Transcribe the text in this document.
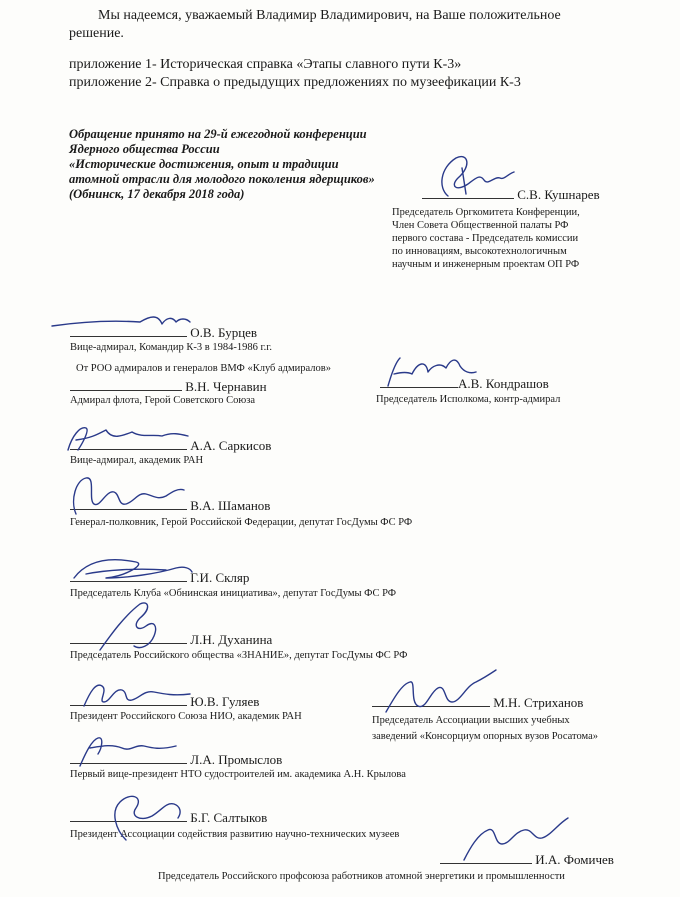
Мы надеемся, уважаемый Владимир Владимирович, на Ваше положительное
решение.
приложение 1- Историческая справка «Этапы славного пути К-3»
приложение 2- Справка о предыдущих предложениях по музеефикации К-3
Обращение принято на 29-й ежегодной конференции
Ядерного общества России
«Исторические достижения, опыт и традиции
атомной отрасли для молодого поколения ядерщиков»
(Обнинск, 17 декабря 2018 года)	С.В. Кушнарев
Председатель Оргкомитета Конференции,
Член Совета Общественной палаты РФ
первого состава - Председатель комиссии
по инновациям, высокотехнологичным
научным и инженерным проектам ОП РФ
О.В. Бурцев
Вице-адмирал, Командир К-3 в 1984-1986 г.г.
От РОО адмиралов и генералов ВМФ «Клуб адмиралов»
В.Н. Чернавин
Адмирал флота, Герой Советского Союза
А.В. Кондрашов
Председатель Исполкома, контр-адмирал
А.А. Саркисов
Вице-адмирал, академик РАН
В.А. Шаманов
Генерал-полковник, Герой Российской Федерации, депутат ГосДумы ФС РФ
Г.И. Скляр
Председатель Клуба «Обнинская инициатива», депутат ГосДумы ФС РФ
Л.Н. Духанина
Председатель Российского общества «ЗНАНИЕ», депутат ГосДумы ФС РФ
Ю.В. Гуляев
Президент Российского Союза НИО, академик РАН
М.Н. Стриханов
Председатель Ассоциации высших учебных
заведений «Консорциум опорных вузов Росатома»
Л.А. Промыслов
Первый вице-президент НТО судостроителей им. академика А.Н. Крылова
Б.Г. Салтыков
Президент Ассоциации содействия развитию научно-технических музеев
И.А. Фомичев
Председатель Российского профсоюза работников атомной энергетики и промышленности
